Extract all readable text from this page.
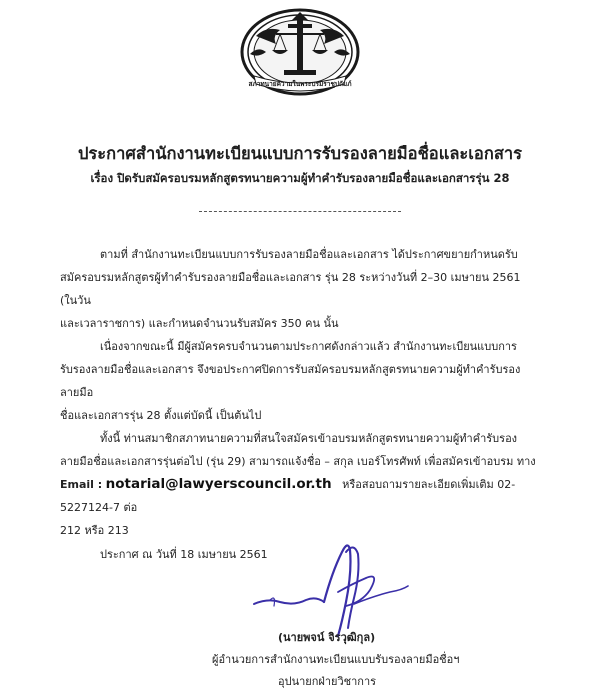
สภาทนายความในพระบรมราชูปถัมภ์
ประกาศสำนักงานทะเบียนแบบการรับรองลายมือชื่อและเอกสาร
เรื่อง ปิดรับสมัครอบรมหลักสูตรทนายความผู้ทำคำรับรองลายมือชื่อและเอกสารรุ่น 28

ตามที่ สำนักงานทะเบียนแบบการรับรองลายมือชื่อและเอกสาร ได้ประกาศขยายกำหนดรับ

สมัครอบรมหลักสูตรผู้ทำคำรับรองลายมือชื่อและเอกสาร รุ่น 28 ระหว่างวันที่ 2–30 เมษายน 2561 (ในวัน

และเวลาราชการ) และกำหนดจำนวนรับสมัคร 350 คน นั้น

เนื่องจากขณะนี้ มีผู้สมัครครบจำนวนตามประกาศดังกล่าวแล้ว สำนักงานทะเบียนแบบการ

รับรองลายมือชื่อและเอกสาร จึงขอประกาศปิดการรับสมัครอบรมหลักสูตรทนายความผู้ทำคำรับรองลายมือ

ชื่อและเอกสารรุ่น 28 ตั้งแต่บัดนี้ เป็นต้นไป

ทั้งนี้ ท่านสมาชิกสภาทนายความที่สนใจสมัครเข้าอบรมหลักสูตรทนายความผู้ทำคำรับรอง

ลายมือชื่อและเอกสารรุ่นต่อไป (รุ่น 29) สามารถแจ้งชื่อ – สกุล เบอร์โทรศัพท์ เพื่อสมัครเข้าอบรม ทาง

Email : notarial@lawyerscouncil.or.th หรือสอบถามรายละเอียดเพิ่มเติม 02-5227124-7 ต่อ

212 หรือ 213

ประกาศ ณ วันที่ 18 เมษายน 2561

(นายพจน์ จิรวุฒิกุล)

ผู้อำนวยการสำนักงานทะเบียนแบบรับรองลายมือชื่อฯ

อุปนายกฝ่ายวิชาการ
